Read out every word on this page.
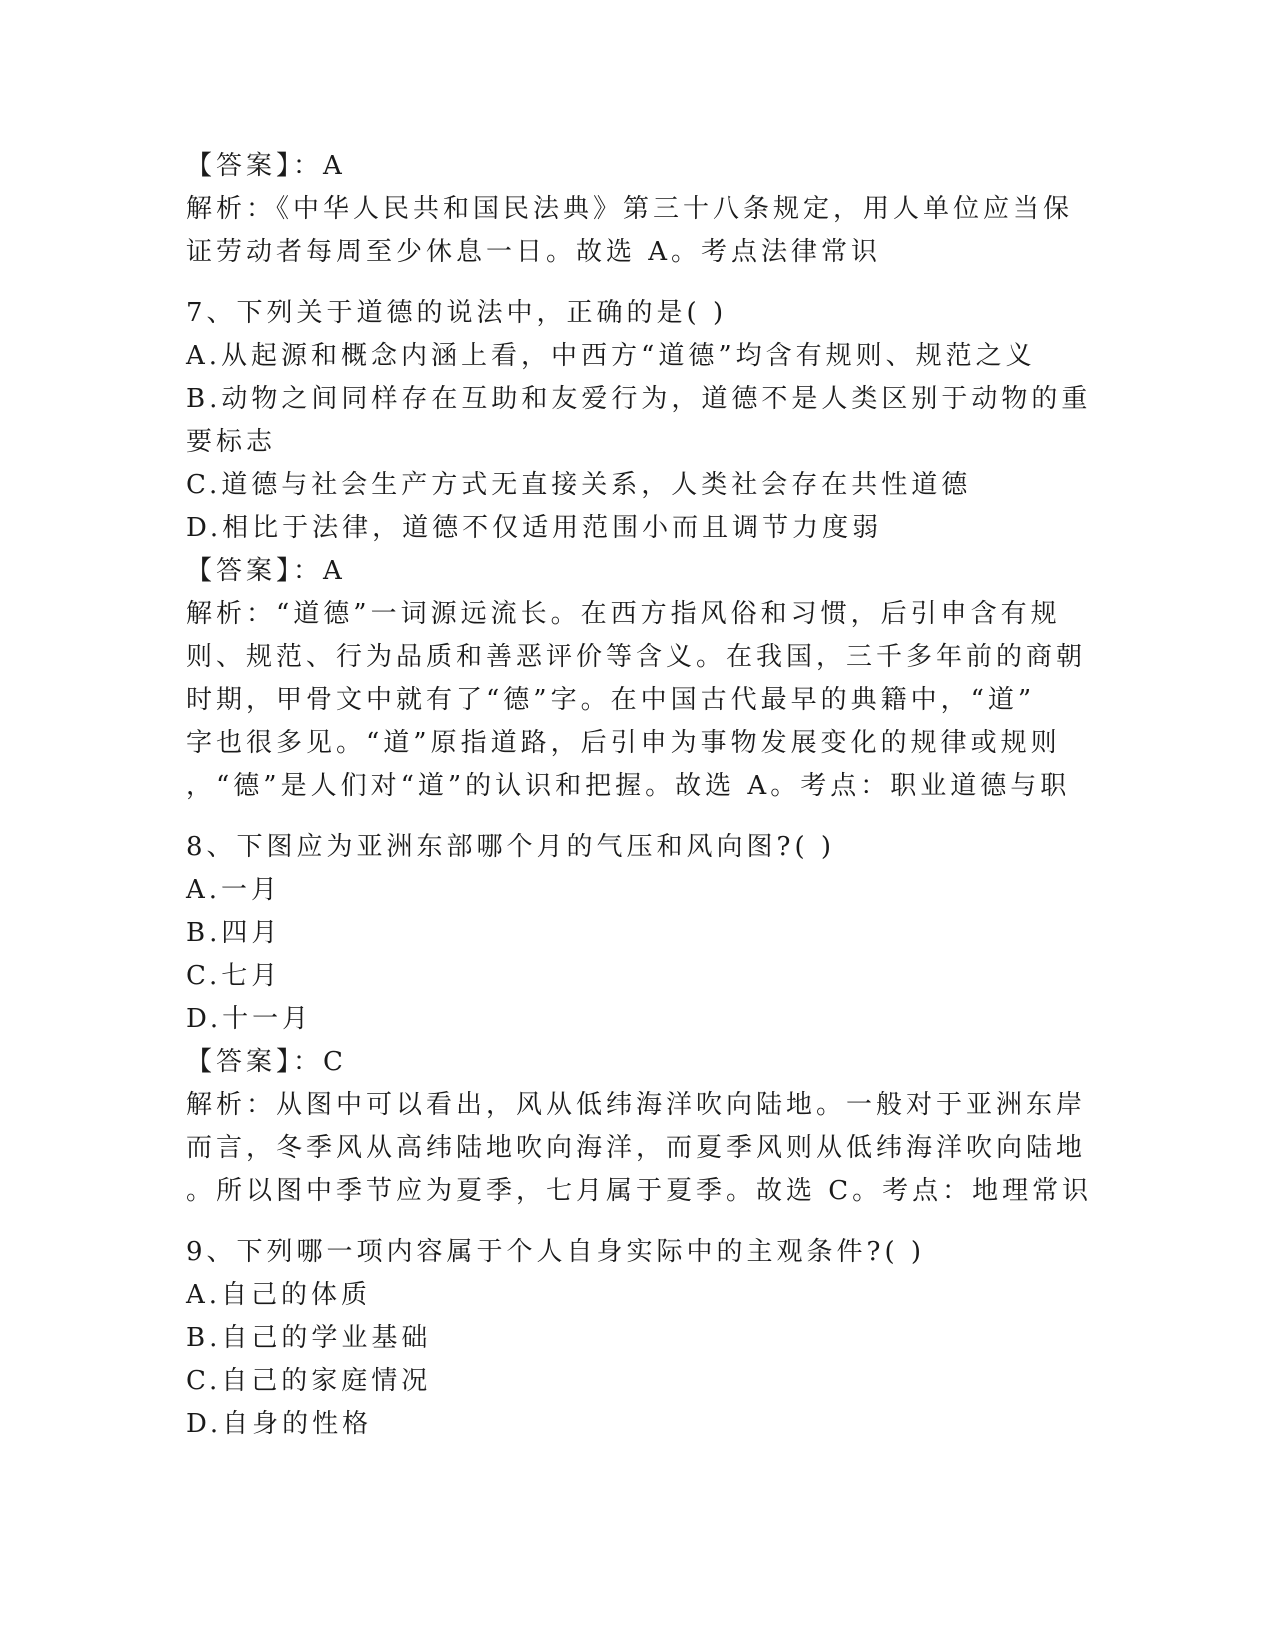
【答案】：A
解析：《中华人民共和国民法典》第三十八条规定，用人单位应当保
证劳动者每周至少休息一日。故选 A。考点法律常识
7、下列关于道德的说法中，正确的是( )
A.从起源和概念内涵上看，中西方“道德”均含有规则、规范之义
B.动物之间同样存在互助和友爱行为，道德不是人类区别于动物的重
要标志
C.道德与社会生产方式无直接关系，人类社会存在共性道德
D.相比于法律，道德不仅适用范围小而且调节力度弱
【答案】：A
解析：“道德”一词源远流长。在西方指风俗和习惯，后引申含有规
则、规范、行为品质和善恶评价等含义。在我国，三千多年前的商朝
时期，甲骨文中就有了“德”字。在中国古代最早的典籍中，“道”
字也很多见。“道”原指道路，后引申为事物发展变化的规律或规则
，“德”是人们对“道”的认识和把握。故选 A。考点：职业道德与职
8、下图应为亚洲东部哪个月的气压和风向图?( )
A.一月
B.四月
C.七月
D.十一月
【答案】：C
解析：从图中可以看出，风从低纬海洋吹向陆地。一般对于亚洲东岸
而言，冬季风从高纬陆地吹向海洋，而夏季风则从低纬海洋吹向陆地
。所以图中季节应为夏季，七月属于夏季。故选 C。考点：地理常识
9、下列哪一项内容属于个人自身实际中的主观条件?( )
A.自己的体质
B.自己的学业基础
C.自己的家庭情况
D.自身的性格
